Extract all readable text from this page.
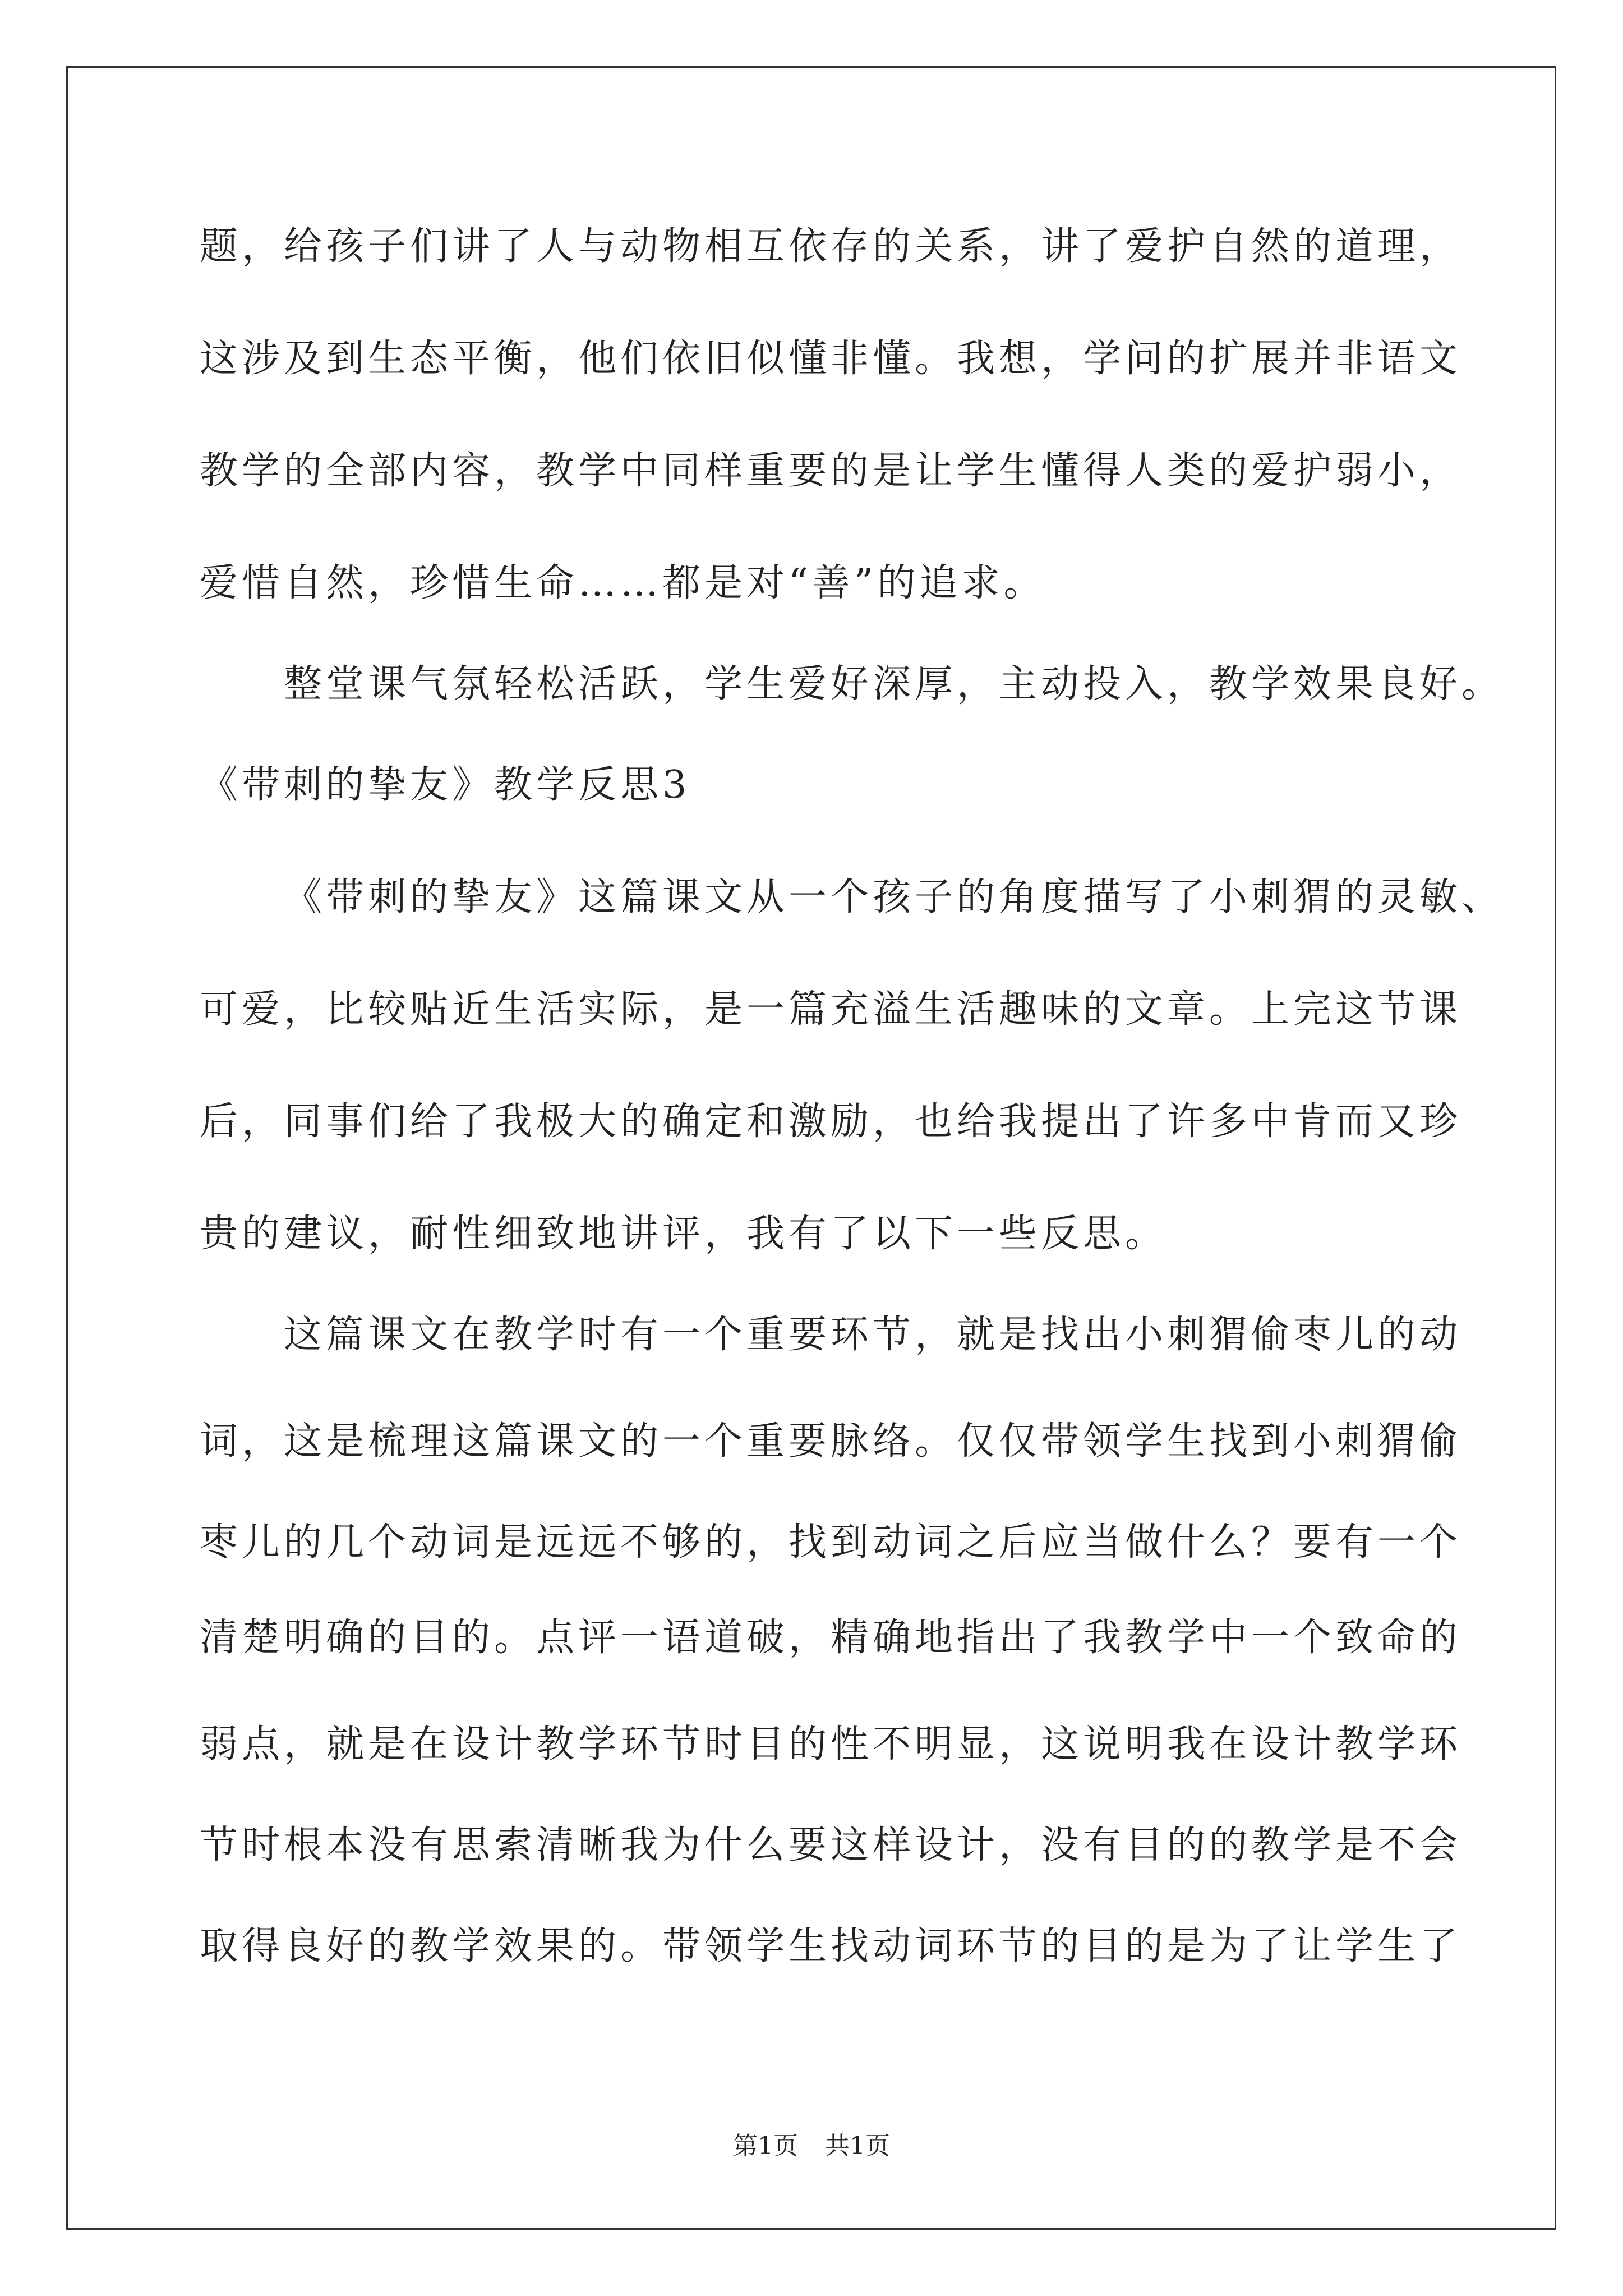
题，给孩子们讲了人与动物相互依存的关系，讲了爱护自然的道理，
这涉及到生态平衡，他们依旧似懂非懂。我想，学问的扩展并非语文
教学的全部内容，教学中同样重要的是让学生懂得人类的爱护弱小，
爱惜自然，珍惜生命……都是对“善”的追求。
整堂课气氛轻松活跃，学生爱好深厚，主动投入，教学效果良好。
《带刺的挚友》教学反思3
《带刺的挚友》这篇课文从一个孩子的角度描写了小刺猬的灵敏、
可爱，比较贴近生活实际，是一篇充溢生活趣味的文章。上完这节课
后，同事们给了我极大的确定和激励，也给我提出了许多中肯而又珍
贵的建议，耐性细致地讲评，我有了以下一些反思。
这篇课文在教学时有一个重要环节，就是找出小刺猬偷枣儿的动
词，这是梳理这篇课文的一个重要脉络。仅仅带领学生找到小刺猬偷
枣儿的几个动词是远远不够的，找到动词之后应当做什么？要有一个
清楚明确的目的。点评一语道破，精确地指出了我教学中一个致命的
弱点，就是在设计教学环节时目的性不明显，这说明我在设计教学环
节时根本没有思索清晰我为什么要这样设计，没有目的的教学是不会
取得良好的教学效果的。带领学生找动词环节的目的是为了让学生了
第1页 共1页
